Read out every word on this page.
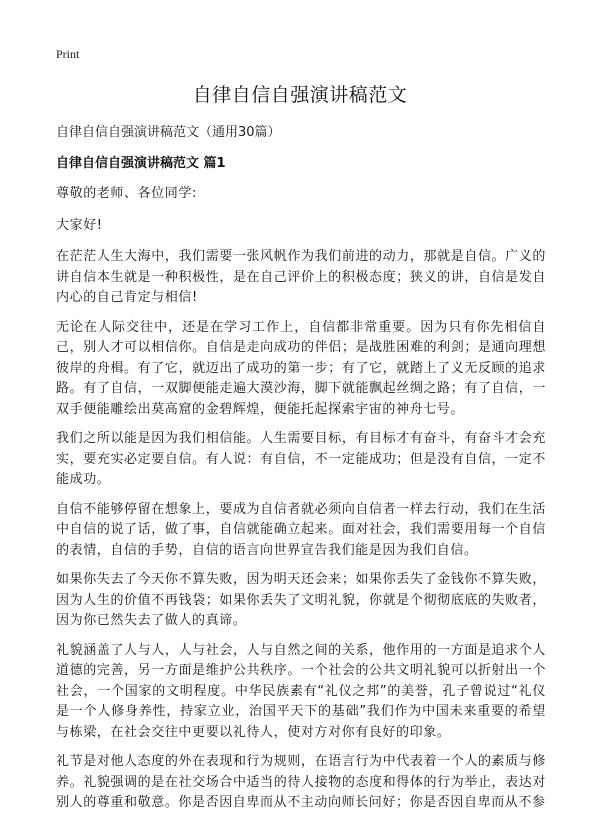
Print
自律自信自强演讲稿范文
自律自信自强演讲稿范文（通用30篇）
自律自信自强演讲稿范文 篇1

尊敬的老师、各位同学:

大家好!

在茫茫人生大海中，我们需要一张风帆作为我们前进的动力，那就是自信。广义的讲自信本生就是一种积极性，是在自己评价上的积极态度；狭义的讲，自信是发自内心的自己肯定与相信!

无论在人际交往中，还是在学习工作上，自信都非常重要。因为只有你先相信自己，别人才可以相信你。自信是走向成功的伴侣；是战胜困难的利剑；是通向理想彼岸的舟楫。有了它，就迈出了成功的第一步；有了它，就踏上了义无反顾的追求路。有了自信，一双脚便能走遍大漠沙海，脚下就能飘起丝绸之路；有了自信，一双手便能雕绘出莫高窟的金碧辉煌，便能托起探索宇宙的神舟七号。

我们之所以能是因为我们相信能。人生需要目标，有目标才有奋斗，有奋斗才会充实，要充实必定要自信。有人说：有自信，不一定能成功；但是没有自信，一定不能成功。

自信不能够停留在想象上，要成为自信者就必须向自信者一样去行动，我们在生活中自信的说了话，做了事，自信就能确立起来。面对社会，我们需要用每一个自信的表情，自信的手势，自信的语言向世界宣告我们能是因为我们自信。

如果你失去了今天你不算失败，因为明天还会来；如果你丢失了金钱你不算失败，因为人生的价值不再钱袋；如果你丢失了文明礼貌，你就是个彻彻底底的失败者，因为你已然失去了做人的真谛。

礼貌涵盖了人与人，人与社会，人与自然之间的关系，他作用的一方面是追求个人道德的完善，另一方面是维护公共秩序。一个社会的公共文明礼貌可以折射出一个社会，一个国家的文明程度。中华民族素有“礼仪之邦”的美誉，孔子曾说过“礼仪是一个人修身养性，持家立业，治国平天下的基础”我们作为中国未来重要的希望与栋梁，在社会交往中更要以礼待人，使对方对你有良好的印象。

礼节是对他人态度的外在表现和行为规则，在语言行为中代表着一个人的素质与修养。礼貌强调的是在社交场合中适当的待人接物的态度和得体的行为举止，表达对别人的尊重和敬意。你是否因自卑而从不主动向师长问好；你是否因自卑而从不参
